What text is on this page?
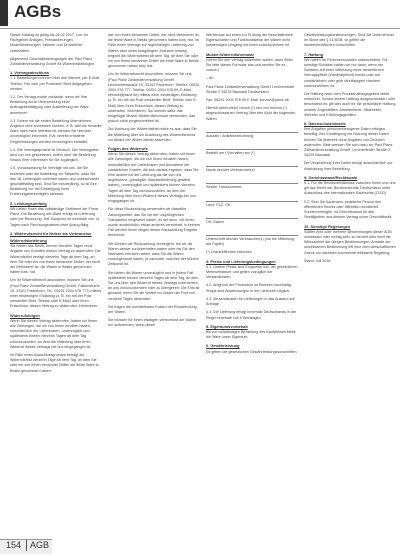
AGBs

Dieser Katalog ist gültig bis 28.02.2017. Los: Im Fachgebiet Anlagen, Preisänderungen, Modelländerungen, Irrtümer und Druckfehler vorbehalten.

Allgemeine Geschäftsbedingungen der Paul Planz Zollsiedlerverwaltung GmbH für Warenbestellungen.

1. Vertragsabschluss

1.1. Bestellungen können über alle Internet, per E-Mail, Telefon, Fax oder per Postkarte/ Brief aufgegeben werden.

1.2. Der Vertrag wurde zustande, wenn wir Ihre Bestellung durch Übersendung einer Auftragsbestätigung oder Auslieferung der Ware annehmen.

1.3. Sofern wir die ersten Bestellung übernehmen, Angebot nicht annehmen können, z. B. weil die bestellte Ware nicht mehr lieferbar ist, werden Sie hierüber unverzüglich informiert. Evtl. bereits erhaltene Gegenleistungen werden unverzüglich erstattet.

1.4. Die Vertragssprache ist Deutsch. Der Vertragstext wird von uns gespeichert, sofern über die Bestellung hinaus Ihrer Interessen für Sie zugänglich.

1.5. Voraussetzung für Verträge mit uns, die Sie bestellen oder die Bestellung zur Tatsache, dass Sie das 18. Lebensjahr vollendet haben und unbeschränkt geschäftsfähig sind. Sind Sie minderjährig, so ist Ihre Bestellung nur mit Einwilligung Ihres Erziehungsberechtigten wirksam.

2. Leistungsumfang

Wir bieten Ihnen das vollständige Sortiment der Firma Planz. Die Bezahlung der Ware erfolgt bei Lieferung oder per Rechnung. Der Kaufpreis ist innerhalb von 14 Tagen nach Rechnungsdatum ohne Abzug fällig.

3. Widerrufsrecht für Nutzer als Verbraucher
Widerrufsbelehrung

Sie haben das Recht, binnen vierzehn Tagen ohne Angabe von Gründen diesen Vertrag zu widerrufen. Die Widerrufsfrist beträgt vierzehn Tage ab dem Tag, an dem Sie oder ein von Ihnen benannter Dritter, der nicht der Beförderer ist, die Waren in Besitz genommen haben bzw. hat.

Um Ihr Widerrufsrecht auszuüben, müssen Sie uns (Paul Planz Zollsiedlerverwaltung GmbH, Falkenstraße 19, 33102 Paderborn, Tel.: 05251 2004 978 777) mittels einer eindeutigen Erklärung (z. B. ein mit der Post versandter Brief, Telefax oder E-Mail) über Ihren Entschluss, diesen Vertrag zu widerrufen, informieren.

Widerrufsfolgen

Wenn Sie diesen Vertrag widerrufen, haben wir Ihnen alle Zahlungen, die wir von Ihnen erhalten haben, einschließlich der Lieferkosten, unverzüglich und spätestens binnen vierzehn Tagen ab dem Tag zurückzuzahlen, an dem die Mitteilung über Ihren Widerruf dieses Vertrags bei uns eingegangen ist.

Im Falle eines Ausschlussgrundes beträgt die Widerrufsfrist vierzehn Tage ab dem Tag, an dem Sie oder ein von Ihnen benannter Dritter die letzte Ware in Besitz genommen haben.

wie von Ihnen benannter Dritter, der nicht Beförderer ist, die letzte Ware in Besitz genommen haben bzw. hat. Im Falle eines Vertrags zur regelmäßigen Lieferung von Waren über einen festgelegten Zeitraum hinweg, beginnt die Widerrufsfrist ab dem Tag, an dem Sie oder ein von Ihnen benannter Dritter die erste Ware in Besitz genommen haben bzw. hat.

Um Ihr Widerrufsrecht auszuüben, müssen Sie uns (Paul Planz Zollsiedlerverwaltung GmbH, Lerchenfeldstraße 19, 33102 Paderborn, Telefon: 05251 2004 978 777, Telefax: 05251 2004 978 99, E-Mail: service@planz.de) mittels einer eindeutigen Erklärung (z. B. ein mit der Post versandter Brief, Telefax oder E-Mail) über Ihren Entschluss, diesen Vertrag zu widerrufen, informieren. Sie können dafür das beigefügte Muster-Widerrufsformular verwenden, das jedoch nicht vorgeschrieben ist.

Zur Wahrung der Widerrufsfrist reicht es aus, dass Sie die Mitteilung über die Ausübung des Widerrufsrechts vor Ablauf der Widerrufsfrist absenden.

Folgen des Widerrufs

Wenn Sie diesen Vertrag widerrufen, haben wir Ihnen alle Zahlungen, die wir von Ihnen erhalten haben, einschließlich der Lieferkosten (mit Ausnahme der zusätzlichen Kosten, die sich daraus ergeben, dass Sie eine andere Art der Lieferung als die von uns angebotene, günstigste Standardlieferung gewählt haben), unverzüglich und spätestens binnen vierzehn Tagen ab dem Tag zurückzuzahlen, an dem die Mitteilung über Ihren Widerruf dieses Vertrags bei uns eingegangen ist.

Für diese Rückzahlung verwenden wir dasselbe Zahlungsmittel, das Sie bei der ursprünglichen Transaktion eingesetzt haben, es sei denn, mit Ihnen wurde ausdrücklich etwas anderes vereinbart; in keinem Fall werden Ihnen wegen dieser Rückzahlung Entgelte berechnet.

Wir können die Rückzahlung verweigern, bis wir die Waren wieder zurückerhalten haben oder bis Sie den Nachweis erbracht haben, dass Sie die Waren zurückgesandt haben, je nachdem, welches der frühere Zeitpunkt ist.

Sie haben die Waren unverzüglich und in jedem Fall spätestens binnen vierzehn Tagen ab dem Tag, an dem Sie uns über den Widerruf dieses Vertrags unterrichten, an uns zurückzusenden oder zu übergeben. Die Frist ist gewahrt, wenn Sie die Waren vor Ablauf der Frist von vierzehn Tagen absenden.

Sie tragen die unmittelbaren Kosten der Rücksendung der Waren.

Sie müssen für einen etwaigen Wertverlust der Waren nur aufkommen, wenn dieser

Wertverlust auf einen zur Prüfung der Beschaffenheit, Eigenschaften und Funktionsweise der Waren nicht notwendigen Umgang mit ihnen zurückzuführen ist.

Muster-Widerrufsformular

(Wenn Sie den Vertrag widerrufen wollen, dann füllen Sie bitte dieses Formular aus und senden Sie es zurück.)

– An

Paul Planz Zollsiedlerverwaltung GmbH Lerchenfelder Straße 2 34225 Baunatal Deutschland

Fax: 05251 2004 978 99 E-Mail: service@planz.de

Hiermit widerrufe(n) ich/wir (*) den von mir/uns (*) abgeschlossenen Vertrag über den Kauf der folgenden Waren

Auszahl / Artikelbezeichnung
Bestellt am (*)/erhalten am (*)
Name des/der Verbraucher(s)
Straße, Hausnummer
Land, PLZ, Ort
Ort, Datum
Unterschrift des/der Verbraucher(s) (nur bei Mitteilung auf Papier)

(*) Unzutreffendes streichen.

4. Preise und Lieferungsbedingungen

4.1. Unsere Preise sind Endpreise inkl. der gesetzlichen Mehrwertsteuer und gelten zuzüglich der Versandkosten.

4.2. Aufgrund der Produktion im Rahmen nachhaltig-Shops sind Abweichungen in der Lieferzeit möglich.

4.3. Versandkosten für Lieferungen in das Ausland auf Anfrage.

4.4. Die Lieferung erfolgt innerhalb Deutschlands in der Regel innerhalb von 5 Werktagen.

5. Eigentumsvorbehalt

Bis zur vollständigen Bezahlung des Kaufpreises bleibt die Ware unser Eigentum.

6. Gewährleistung

Es gelten die gesetzlichen Gewährleistungsvorschriften.

Gewährleistungsbestimmungen. Sind Sie Unternehmer im Sinne des § 14 BGB, so gelten die handelsrechtlichen Vorschriften.

7. Haftung

Wir haften für Personenschäden unbeschränkt. Für sonstige Schäden haften wir nur dann, wenn der Schaden auf einer Verletzung einer wesentlichen Vertragspflicht (Kardinalpflicht) beruht oder auf vorsätzlichem oder grob fahrlässigem Handeln zurückzuführen ist.

Die Haftung nach dem Produkthaftungsgesetz bleibt unberührt. Soweit unsere Haftung ausgeschlossen oder beschränkt ist, gilt dies auch für die persönliche Haftung unserer Angestellten, Arbeitnehmer, Mitarbeiter, Vertreter und Erfüllungsgehilfen.

8. Datenschutzhinweis

Ihre Angaben personenbezogener Daten erfolgen freiwillig. Ihre Einwilligung zur Nutzung dieser Daten können Sie jederzeit ohne Angaben von Gründen widerrufen. Bitte wenden Sie sich dazu an: Paul Planz Zollsiedlerverwaltung GmbH, Lerchenfelder Straße 2, 34225 Baunatal.

Die Verarbeitung Ihrer Daten erfolgt ausschließlich zur Abwicklung Ihrer Bestellung.

9. Gerichtsstand/Rechtswahl

9.1. Für die Rechtsverhältnisse zwischen Ihnen und uns gilt das Recht der Bundesrepublik Deutschland unter Ausschluss des internationalen Kaufrechts (CISG).

9.2. Sind Sie Kaufmann, juristische Person des öffentlichen Rechts oder öffentlich-rechtliches Sondervermögen, ist Gerichtsstand für alle Streitigkeiten aus diesem Vertrag unser Geschäftssitz.

10. Sonstige Regelungen

Sollten eine oder mehrere Bestimmungen dieser AGB unwirksam oder nichtig sein, so berührt dies nicht die Wirksamkeit der übrigen Bestimmungen. Anstelle der unwirksamen Bestimmung tritt eine dem wirtschaftlichen Zweck am nächsten kommende wirksame Regelung.

Stand: Juli 2016

154 AGB
